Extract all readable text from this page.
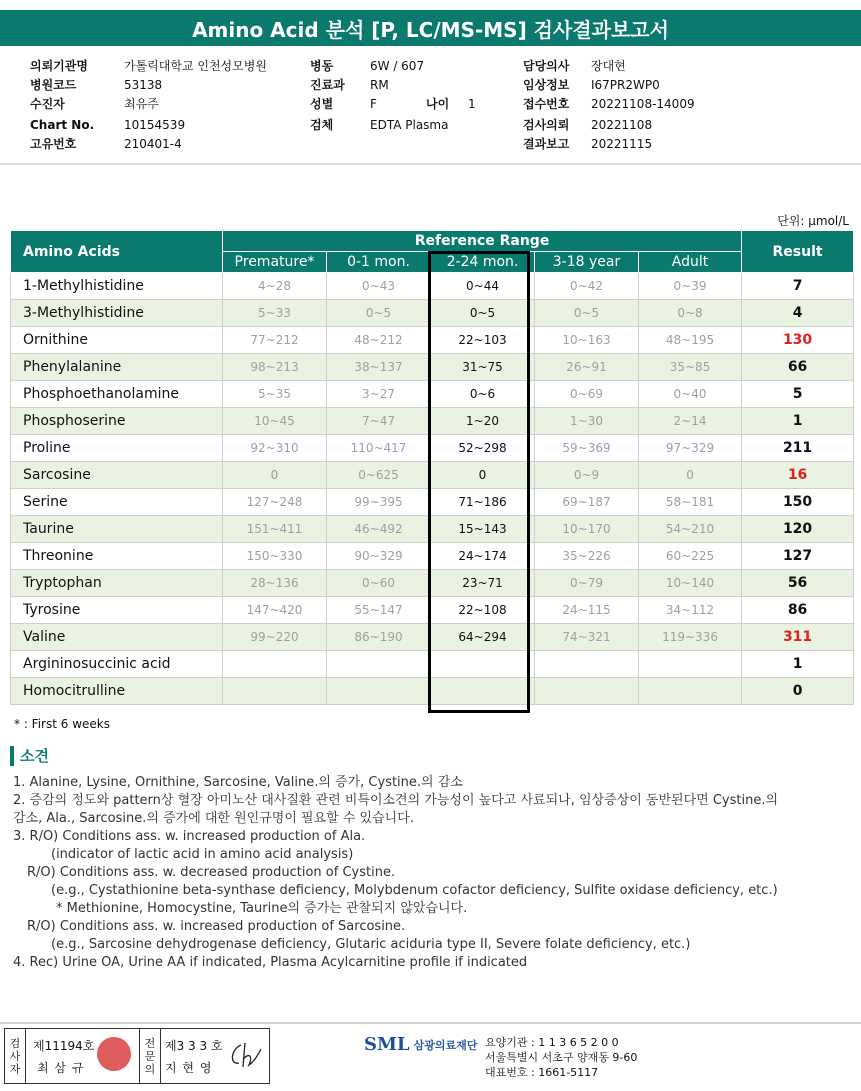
Amino Acid 분석 [P, LC/MS-MS] 검사결과보고서
의뢰기관명	가톨릭대학교 인천성모병원	병동	6W / 607	담당의사	장대현
병원코드	53138	진료과	RM	임상정보	I67PR2WP0
수진자	최유주	성별	F	나이	1	접수번호	20221108-14009
Chart No.	10154539	검체	EDTA Plasma	검사의뢰	20221108
고유번호	210401-4	결과보고	20221115
단위: μmol/L
Amino Acids	Reference Range					Result
	Premature*	0-1 mon.	2-24 mon.	3-18 year	Adult	
1-Methylhistidine	4~28	0~43	0~44	0~42	0~39	7
3-Methylhistidine	5~33	0~5	0~5	0~5	0~8	4
Ornithine	77~212	48~212	22~103	10~163	48~195	130
Phenylalanine	98~213	38~137	31~75	26~91	35~85	66
Phosphoethanolamine	5~35	3~27	0~6	0~69	0~40	5
Phosphoserine	10~45	7~47	1~20	1~30	2~14	1
Proline	92~310	110~417	52~298	59~369	97~329	211
Sarcosine	0	0~625	0	0~9	0	16
Serine	127~248	99~395	71~186	69~187	58~181	150
Taurine	151~411	46~492	15~143	10~170	54~210	120
Threonine	150~330	90~329	24~174	35~226	60~225	127
Tryptophan	28~136	0~60	23~71	0~79	10~140	56
Tyrosine	147~420	55~147	22~108	24~115	34~112	86
Valine	99~220	86~190	64~294	74~321	119~336	311
Argininosuccinic acid						1
Homocitrulline						0
* : First 6 weeks
소견
1. Alanine, Lysine, Ornithine, Sarcosine, Valine.의 증가, Cystine.의 감소
2. 증감의 정도와 pattern상 혈장 아미노산 대사질환 관련 비특이소견의 가능성이 높다고 사료되나, 임상증상이 동반된다면 Cystine.의
감소, Ala., Sarcosine.의 증가에 대한 원인규명이 필요할 수 있습니다.
3. R/O) Conditions ass. w. increased production of Ala.
(indicator of lactic acid in amino acid analysis)
R/O) Conditions ass. w. decreased production of Cystine.
(e.g., Cystathionine beta-synthase deficiency, Molybdenum cofactor deficiency, Sulfite oxidase deficiency, etc.)
* Methionine, Homocystine, Taurine의 증가는 관찰되지 않았습니다.
R/O) Conditions ass. w. increased production of Sarcosine.
(e.g., Sarcosine dehydrogenase deficiency, Glutaric aciduria type II, Severe folate deficiency, etc.)
4. Rec) Urine OA, Urine AA if indicated, Plasma Acylcarnitine profile if indicated
검
사
자
제11194호
최 삼 규
전
문
의
제3 3 3 호
지 현 영
SML 삼광의료재단 요양기관 : 1 1 3 6 5 2 0 0
서울특별시 서초구 양재동 9-60
대표번호 : 1661-5117
